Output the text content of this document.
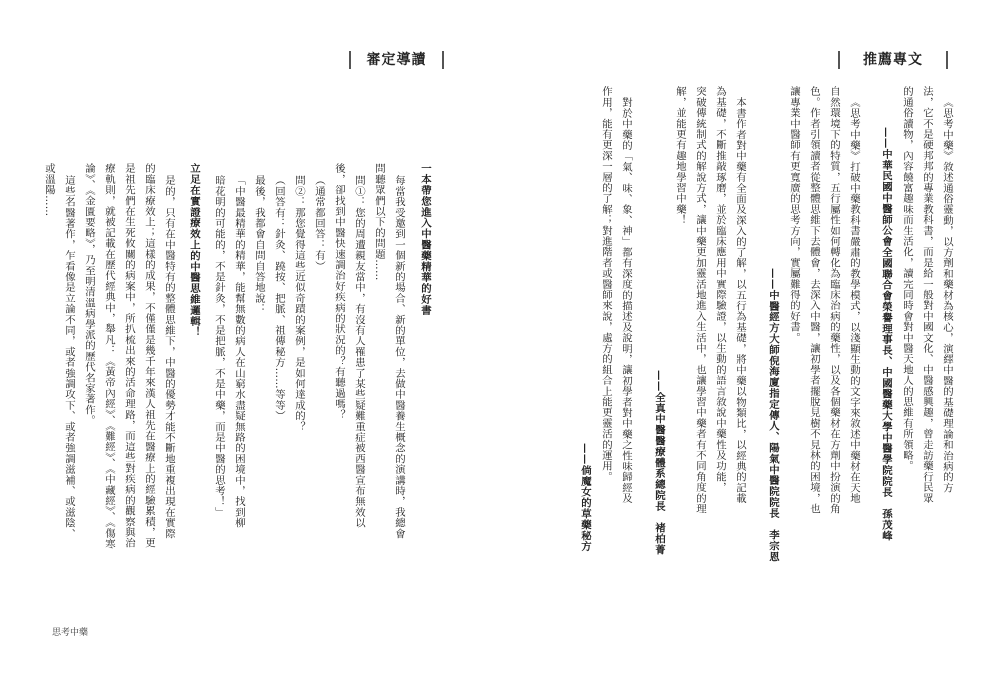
審定導讀	推薦專文
《思考中藥》敘述通俗靈動，以方劑和藥材為核心，演繹中醫的基礎理論和治病的方
法，它不是硬邦邦的專業教科書，而是給一般對中國文化、中醫感興趣，曾走訪藥行民眾
的通俗讀物，內容饒富趣味而生活化，讀完同時會對中醫天地人的思維有所領略。
——中華民國中醫師公會全國聯合會榮譽理事長、中國醫藥大學中醫學院院長　孫茂峰
《思考中藥》打破中藥教科書嚴肅的教學模式，以淺顯生動的文字來敘述中藥材在天地
自然環境下的特質，五行屬性如何轉化為臨床治病的藥性，以及各個藥材在方劑中扮演的角
色。作者引領讀者從整體思維下去體會，去深入中醫，讓初學者擺脫見樹不見林的困境，也
讓專業中醫師有更寬廣的思考方向，實屬難得的好書。
——中醫經方大師倪海廈指定傳人、陽氣中醫院院長　李宗恩
本書作者對中藥有全面及深入的了解，以五行為基礎，將中藥以物類比，以經典的記載
為基礎，不斷推敲琢磨，並於臨床應用中實際驗證，以生動的語言敘說中藥性及功能，
突破傳統制式的解說方式，讓中藥更加靈活地進入生活中，也讓學習中藥者有不同角度的理
解，並能更有趣地學習中藥！
——全真中醫醫療體系總院長　褚柏菁
對於中藥的「氣、味、象、神」都有深度的描述及說明，讓初學者對中藥之性味歸經及
作用，能有更深一層的了解；對進階者或醫師來說，處方的組合上能更靈活的運用。
——倘魔女的草藥秘方
一本帶您進入中醫藥精華的好書
每當我受邀到一個新的場合、新的單位，去做中醫養生概念的演講時，我總會
問聽眾們以下的問題……
問①：您的周遭親友當中，有沒有人罹患了某些疑難重症被西醫宣布無效以
後，卻找到中醫快速調治好疾病的狀況的？有聽過嗎？
（通常都回答：有）
問②：那您覺得這些近似奇蹟的案例，是如何達成的？
（回答有：針灸、蹺按、把脈、祖傳秘方……等等）
最後，我都會自問自答地說：
「中醫最精華的精華，能幫無數的病人在山窮水盡疑無路的困境中，找到柳
暗花明的可能的，不是針灸，不是把脈，不是中藥，而是中醫的思考！」
立足在實證療效上的中醫思維邏輯！
是的，只有在中醫特有的整體思維下，中醫的優勢才能不斷地重複出現在實際
的臨床療效上；這樣的成果，不僅僅是幾千年來漢人祖先在醫療上的經驗累積，更
是祖先們在生死攸關的病案中，所扒梳出來的活命理路，而這些對疾病的觀察與治
療軌則，就被記載在歷代經典中，舉凡：《黃帝內經》、《難經》、《中藏經》、《傷寒
論》、《金匱要略》，乃至明清溫病學派的歷代名家著作。
這些名醫著作，乍看像是立論不同，或者強調攻下、或者強調滋補、或滋陰、
或溫陽……
思考中藥
